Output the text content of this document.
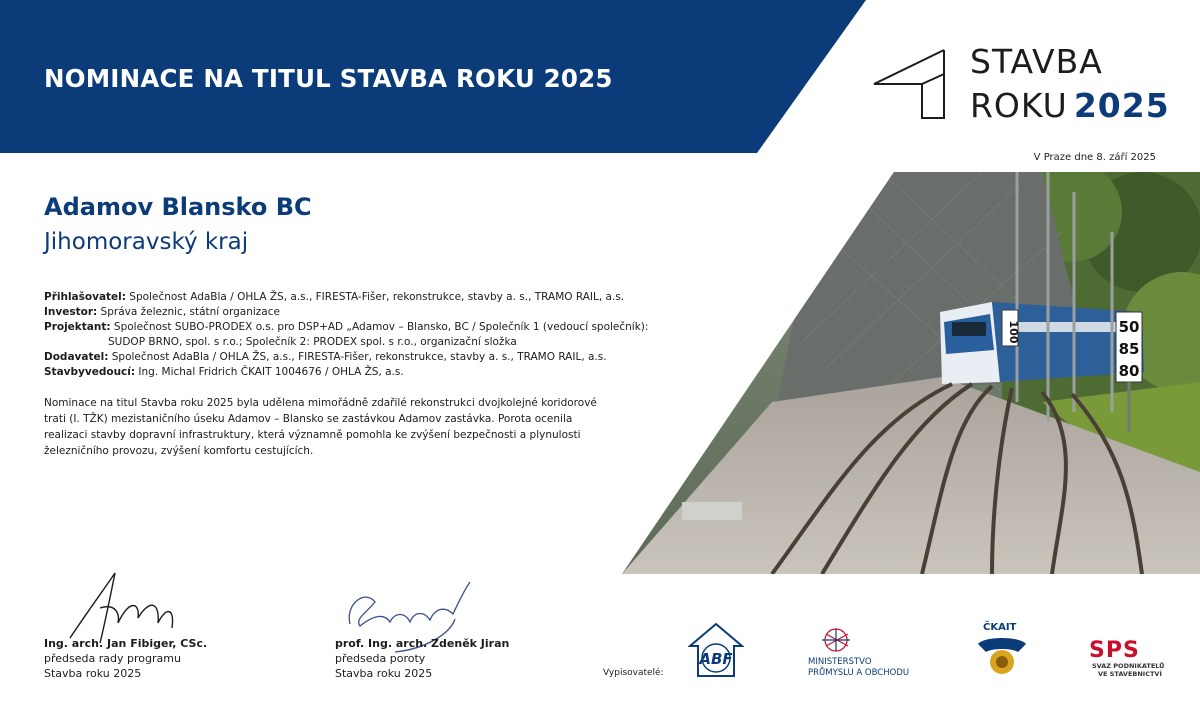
NOMINACE NA TITUL STAVBA ROKU 2025	STAVBA
ROKU 2025
V Praze dne 8. září 2025
Adamov Blansko BC
Jihomoravský kraj
Přihlašovatel: Společnost AdaBla / OHLA ŽS, a.s., FIRESTA-Fišer, rekonstrukce, stavby a. s., TRAMO RAIL, a.s.
Investor: Správa železnic, státní organizace
Projektant: Společnost SUBO-PRODEX o.s. pro DSP+AD „Adamov – Blansko, BC / Společník 1 (vedoucí společník):
SUDOP BRNO, spol. s r.o.; Společník 2: PRODEX spol. s r.o., organizační složka
Dodavatel: Společnost AdaBla / OHLA ŽS, a.s., FIRESTA-Fišer, rekonstrukce, stavby a. s., TRAMO RAIL, a.s.
Stavbyvedoucí: Ing. Michal Fridrich ČKAIT 1004676 / OHLA ŽS, a.s.
Nominace na titul Stavba roku 2025 byla udělena mimořádně zdařilé rekonstrukci dvojkolejné koridorové
trati (I. TŽK) mezistaničního úseku Adamov – Blansko se zastávkou Adamov zastávka. Porota ocenila
realizaci stavby dopravní infrastruktury, která významně pomohla ke zvýšení bezpečnosti a plynulosti
železničního provozu, zvýšení komfortu cestujících.
100	50
85
80
Ing. arch. Jan Fibiger, CSc.
předseda rady programu
Stavba roku 2025
prof. Ing. arch. Zdeněk Jiran
předseda poroty
Stavba roku 2025	Vypisovatelé:
ABF	MINISTERSTVO
PRŮMYSLU A OBCHODU
ČKAIT
SPS
SVAZ PODNIKATELŮ
VE STAVEBNICTVÍ
